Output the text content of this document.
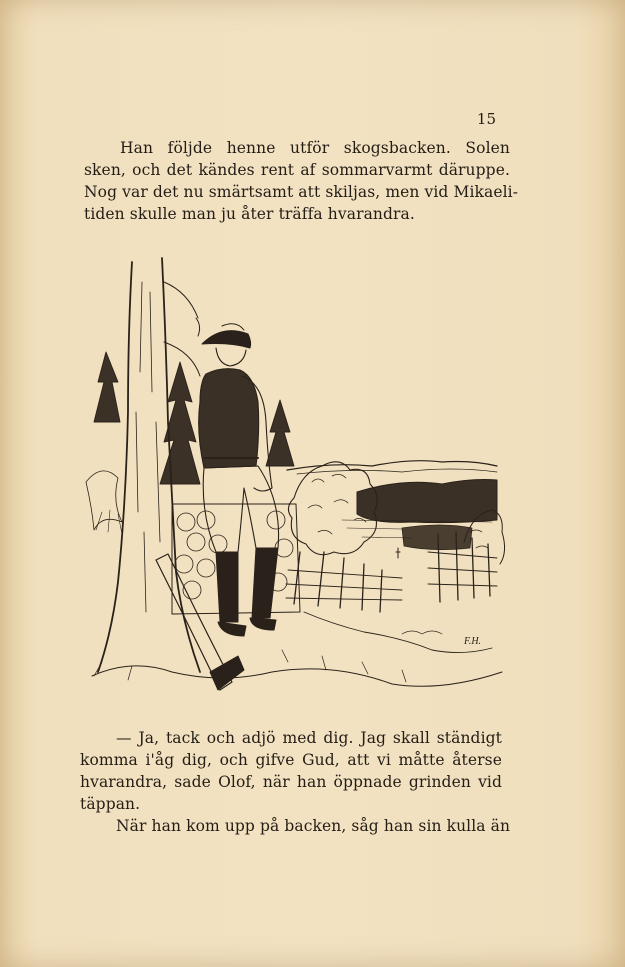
15

Han följde henne utför skogsbacken. Solen
sken, och det kändes rent af sommarvarmt däruppe.
Nog var det nu smärtsamt att skiljas, men vid Mikaeli-
tiden skulle man ju åter träffa hvarandra.

F.H.

— Ja, tack och adjö med dig. Jag skall ständigt
komma i'åg dig, och gifve Gud, att vi måtte återse
hvarandra, sade Olof, när han öppnade grinden vid
täppan.
När han kom upp på backen, såg han sin kulla än
